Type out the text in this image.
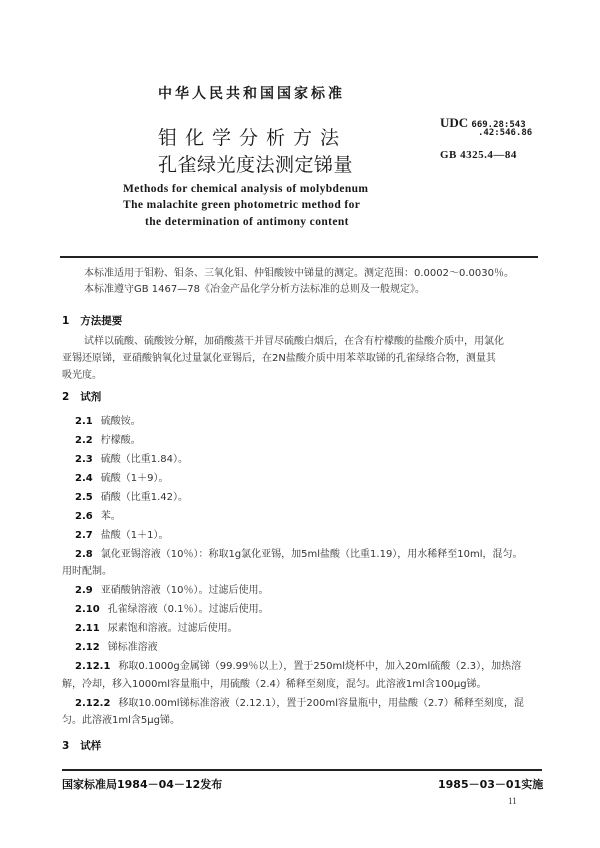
中华人民共和国国家标准
钼化学分析方法
孔雀绿光度法测定锑量
UDC 669.28:543
.42:546.86
GB 4325.4—84
Methods for chemical analysis of molybdenum
The malachite green photometric method for
the determination of antimony content
本标准适用于钼粉、钼条、三氧化钼、仲钼酸铵中锑量的测定。测定范围：0.0002～0.0030％。
本标准遵守GB 1467—78《冶金产品化学分析方法标准的总则及一般规定》。
1 方法提要
试样以硫酸、硫酸铵分解，加硝酸蒸干并冒尽硫酸白烟后，在含有柠檬酸的盐酸介质中，用氯化
亚锡还原锑，亚硝酸钠氧化过量氯化亚锡后，在2N盐酸介质中用苯萃取锑的孔雀绿络合物，测量其
吸光度。
2 试剂
2.1 硫酸铵。
2.2 柠檬酸。
2.3 硫酸（比重1.84）。
2.4 硫酸（1＋9）。
2.5 硝酸（比重1.42）。
2.6 苯。
2.7 盐酸（1＋1）。
2.8 氯化亚锡溶液（10％）：称取1g氯化亚锡，加5ml盐酸（比重1.19），用水稀释至10ml，混匀。
用时配制。
2.9 亚硝酸钠溶液（10％）。过滤后使用。
2.10 孔雀绿溶液（0.1％）。过滤后使用。
2.11 尿素饱和溶液。过滤后使用。
2.12 锑标准溶液
2.12.1 称取0.1000g金属锑（99.99％以上），置于250ml烧杯中，加入20ml硫酸（2.3），加热溶
解，冷却，移入1000ml容量瓶中，用硫酸（2.4）稀释至刻度，混匀。此溶液1ml含100μg锑。
2.12.2 移取10.00ml锑标准溶液（2.12.1），置于200ml容量瓶中，用盐酸（2.7）稀释至刻度，混
匀。此溶液1ml含5μg锑。
3 试样
国家标准局1984－04－12发布	1985－03－01实施
11
